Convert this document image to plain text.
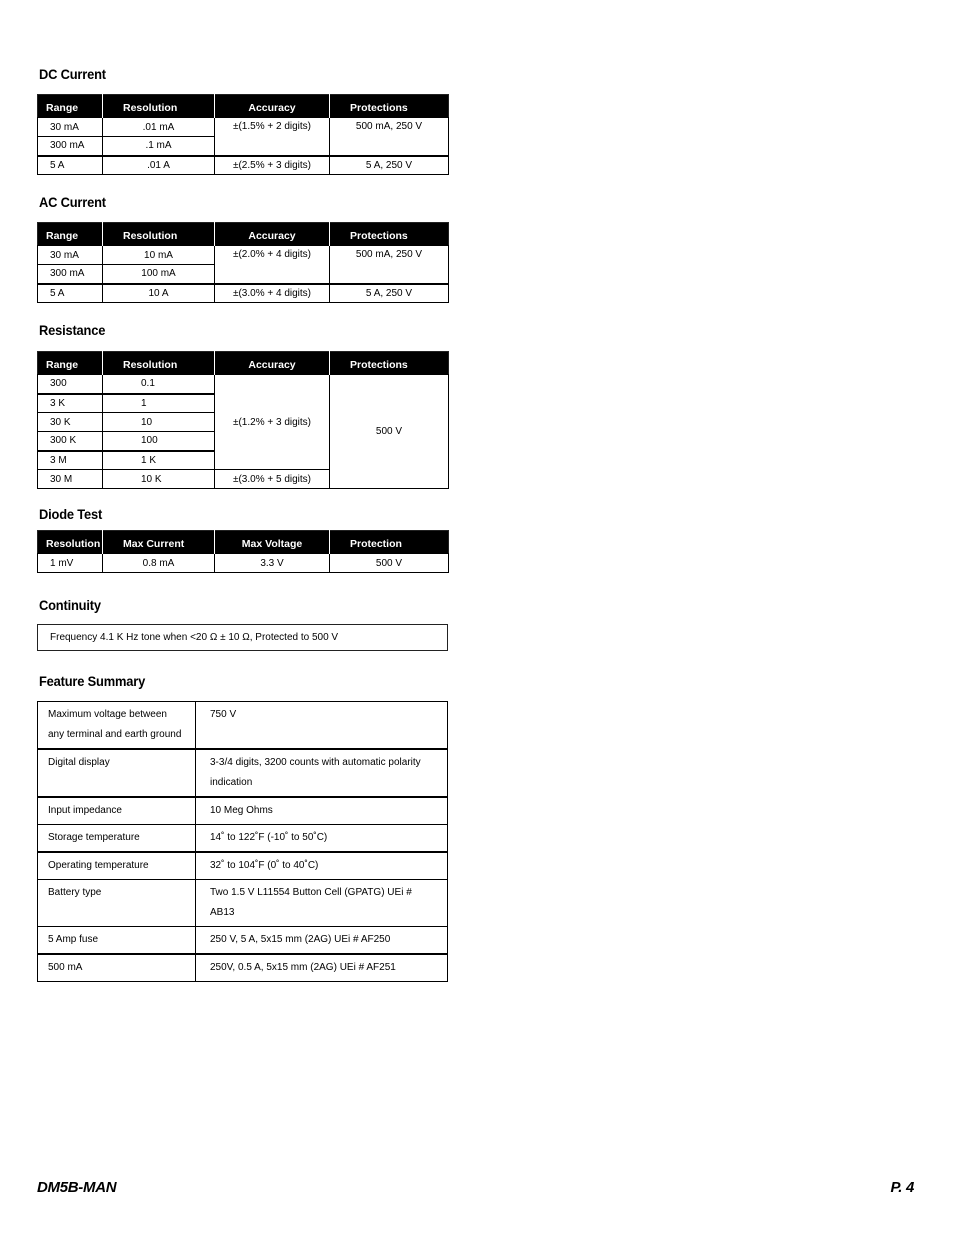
DC Current
Range	Resolution	Accuracy	Protections
30 mA	.01 mA	±(1.5% + 2 digits)	500 mA, 250 V
300 mA	.1 mA		
5 A	.01 A	±(2.5% + 3 digits)	5 A, 250 V
AC Current
Range	Resolution	Accuracy	Protections
30 mA	10 mA	±(2.0% + 4 digits)	500 mA, 250 V
300 mA	100 mA		
5 A	10 A	±(3.0% + 4 digits)	5 A, 250 V
Resistance
Range	Resolution	Accuracy	Protections
300	0.1	±(1.2% + 3 digits)	500 V
3 K	1		
30 K	10		
300 K	100		
3 M	1 K		
30 M	10 K	±(3.0% + 5 digits)	
Diode Test
Resolution	Max Current	Max Voltage	Protection
1 mV	0.8 mA	3.3 V	500 V
Continuity
Frequency 4.1 K Hz tone when <20 Ω ± 10 Ω, Protected to 500 V
Feature Summary
Maximum voltage between any terminal and earth ground	750 V
Digital display	3-3/4 digits, 3200 counts with automatic polarity indication
Input impedance	10 Meg Ohms
Storage temperature	14˚ to 122˚F (-10˚ to 50˚C)
Operating temperature	32˚ to 104˚F (0˚ to 40˚C)
Battery type	Two 1.5 V L11554 Button Cell (GPATG) UEi # AB13
5 Amp fuse	250 V, 5 A, 5x15 mm (2AG) UEi # AF250
500 mA	250V, 0.5 A, 5x15 mm (2AG) UEi # AF251
DM5B-MAN	P. 4
